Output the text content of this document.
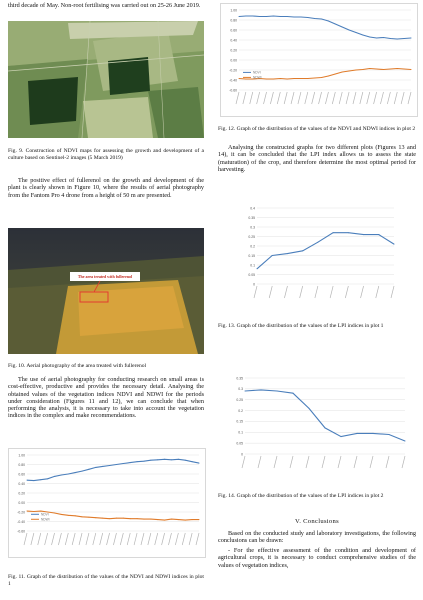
third decade of May. Non-root fertilising was carried out on 25-26 June 2019.

Fig. 9. Construction of NDVI maps for assessing the growth and development of a culture based on Sentinel-2 images (5 March 2019)

The positive effect of fullerenol on the growth and development of the plant is clearly shown in Figure 10, where the results of aerial photography from the Fantom Pro 4 drone from a height of 50 m are presented.

The area treated with fullerenol

Fig. 10. Aerial photography of the area treated with fullerenol

The use of aerial photography for conducting research on small areas is cost-effective, productive and provides the necessary detail. Analysing the obtained values of the vegetation indices NDVI and NDWI for the periods under consideration (Figures 11 and 12), we can conclude that when performing the analysis, it is necessary to take into account the vegetation indices in the complex and make recommendations.

1.00
0.80
0.60
0.40
0.20
0.00
-0.20
-0.40
-0.60
NDVI
NDWI

Fig. 11. Graph of the distribution of the values of the NDVI and NDWI indices in plot 1

1.00
0.80
0.60
0.40
0.20
0.00
-0.20
-0.40
-0.60
NDVI
NDWI

Fig. 12. Graph of the distribution of the values of the NDVI and NDWI indices in plot 2

Analysing the constructed graphs for two different plots (Figures 13 and 14), it can be concluded that the LPI index allows us to assess the state (maturation) of the crop, and therefore determine the most optimal period for harvesting.

0.4
0.35
0.3
0.25
0.2
0.15
0.1
0.05
0

Fig. 13. Graph of the distribution of the values of the LPI indices in plot 1

0.35
0.3
0.25
0.2
0.15
0.1
0.05
0

Fig. 14. Graph of the distribution of the values of the LPI indices in plot 2

V. Conclusions

Based on the conducted study and laboratory investigations, the following conclusions can be drawn:

- For the effective assessment of the condition and development of agricultural crops, it is necessary to conduct comprehensive studies of the values of vegetation indices,
